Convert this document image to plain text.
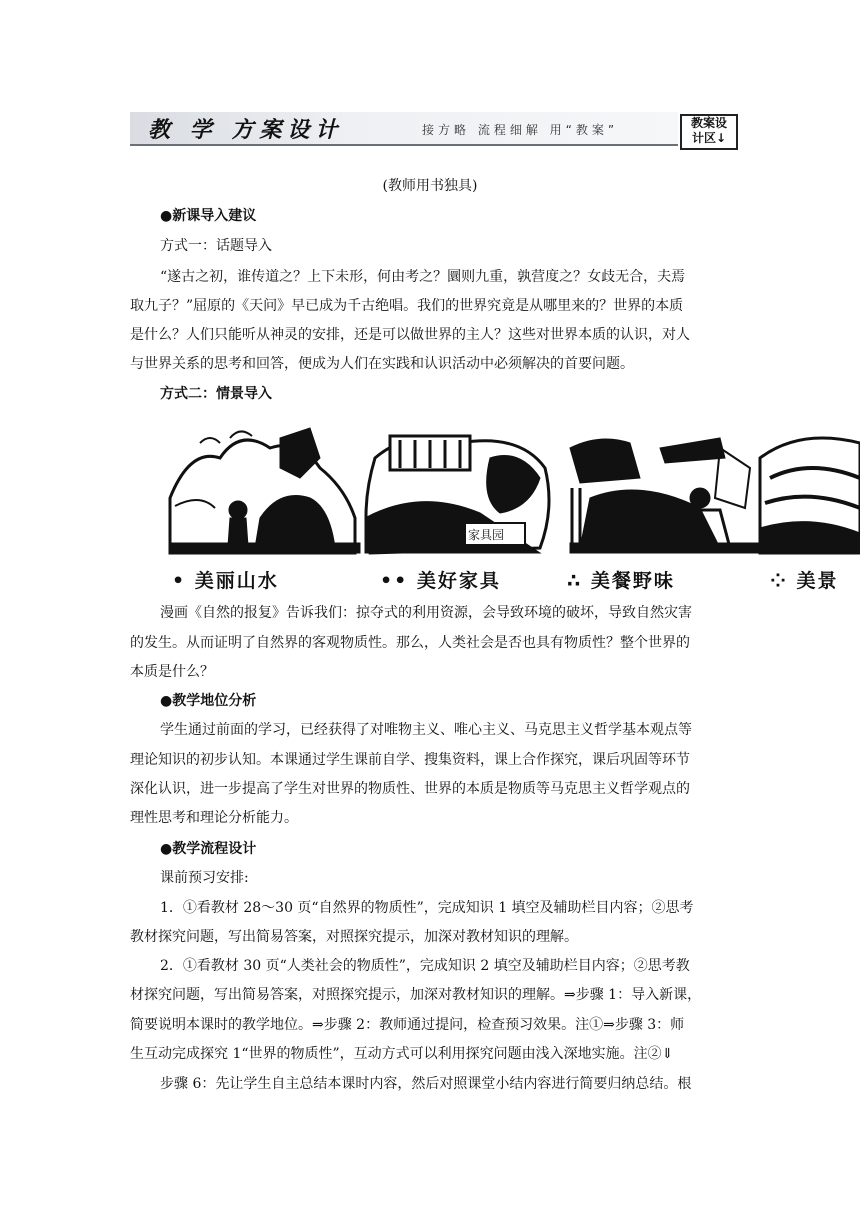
教 学 方案设计	接方略 流程细解 用“教案”	教案设
计区↓
(教师用书独具)
●新课导入建议
方式一：话题导入
“遂古之初，谁传道之？上下未形，何由考之？圜则九重，孰营度之？女歧无合，夫焉
取九子？”屈原的《天问》早已成为千古绝唱。我们的世界究竟是从哪里来的？世界的本质
是什么？人们只能听从神灵的安排，还是可以做世界的主人？这些对世界本质的认识，对人
与世界关系的思考和回答，便成为人们在实践和认识活动中必须解决的首要问题。
方式二：情景导入
家具园
• 美丽山水	•• 美好家具	∴ 美餐野味	⁘ 美景
漫画《自然的报复》告诉我们：掠夺式的利用资源，会导致环境的破坏，导致自然灾害
的发生。从而证明了自然界的客观物质性。那么，人类社会是否也具有物质性？整个世界的
本质是什么？
●教学地位分析
学生通过前面的学习，已经获得了对唯物主义、唯心主义、马克思主义哲学基本观点等
理论知识的初步认知。本课通过学生课前自学、搜集资料，课上合作探究，课后巩固等环节
深化认识，进一步提高了学生对世界的物质性、世界的本质是物质等马克思主义哲学观点的
理性思考和理论分析能力。
●教学流程设计
课前预习安排:
1．①看教材 28～30 页“自然界的物质性”，完成知识 1 填空及辅助栏目内容；②思考
教材探究问题，写出简易答案，对照探究提示，加深对教材知识的理解。
2．①看教材 30 页“人类社会的物质性”，完成知识 2 填空及辅助栏目内容；②思考教
材探究问题，写出简易答案，对照探究提示，加深对教材知识的理解。⇒步骤 1：导入新课，
简要说明本课时的教学地位。⇒步骤 2：教师通过提问，检查预习效果。注①⇒步骤 3：师
生互动完成探究 1“世界的物质性”，互动方式可以利用探究问题由浅入深地实施。注②⇓
步骤 6：先让学生自主总结本课时内容，然后对照课堂小结内容进行简要归纳总结。根
